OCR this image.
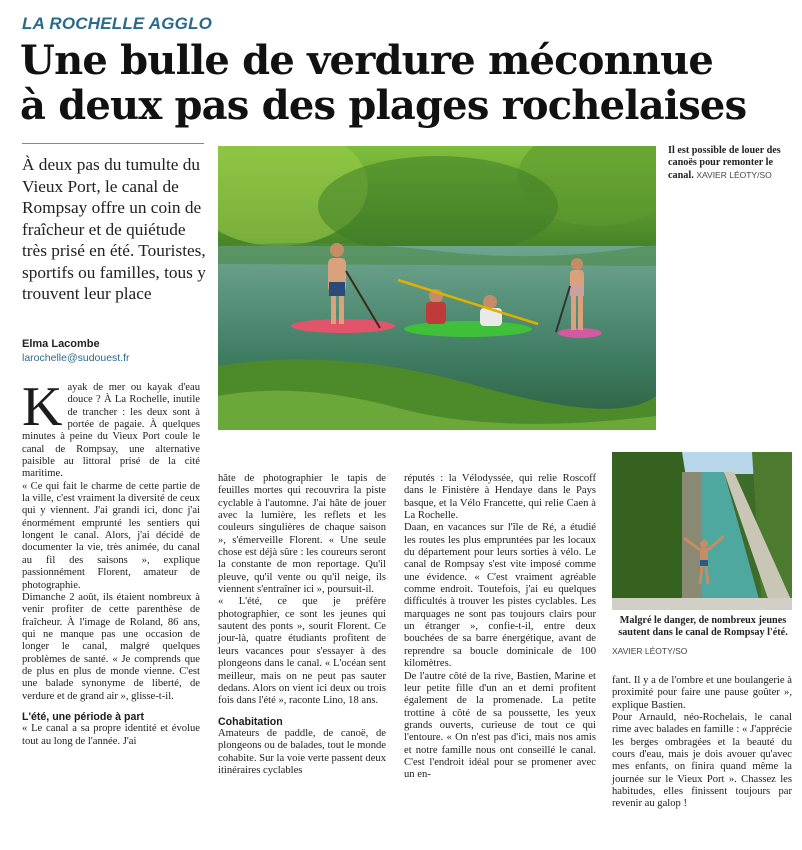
LA ROCHELLE AGGLO
Une bulle de verdure méconnue
à deux pas des plages rochelaises
À deux pas du tumulte du Vieux Port, le canal de Rompsay offre un coin de fraîcheur et de quiétude très prisé en été. Touristes, sportifs ou familles, tous y trouvent leur place
Elma Lacombe
larochelle@sudouest.fr
Il est possible de louer des canoës pour remonter le canal. XAVIER LÉOTY/SO
Malgré le danger, de nombreux jeunes sautent dans le canal de Rompsay l'été.
XAVIER LÉOTY/SO

Kayak de mer ou kayak d'eau douce ? À La Rochelle, inutile de trancher : les deux sont à portée de pagaie. À quelques minutes à peine du Vieux Port coule le canal de Rompsay, une alternative paisible au littoral prisé de la cité maritime.

« Ce qui fait le charme de cette partie de la ville, c'est vraiment la diversité de ceux qui y viennent. J'ai grandi ici, donc j'ai énormément emprunté les sentiers qui longent le canal. Alors, j'ai décidé de documenter la vie, très animée, du canal au fil des saisons », explique passionnément Florent, amateur de photographie.

Dimanche 2 août, ils étaient nombreux à venir profiter de cette parenthèse de fraîcheur. À l'image de Roland, 86 ans, qui ne manque pas une occasion de longer le canal, malgré quelques problèmes de santé. « Je comprends que de plus en plus de monde vienne. C'est une balade synonyme de liberté, de verdure et de grand air », glisse-t-il.

L'été, une période à part

« Le canal a sa propre identité et évolue tout au long de l'année. J'ai

hâte de photographier le tapis de feuilles mortes qui recouvrira la piste cyclable à l'automne. J'ai hâte de jouer avec la lumière, les reflets et les couleurs singulières de chaque saison », s'émerveille Florent. « Une seule chose est déjà sûre : les coureurs seront la constante de mon reportage. Qu'il pleuve, qu'il vente ou qu'il neige, ils viennent s'entraîner ici », poursuit-il.

« L'été, ce que je préfère photographier, ce sont les jeunes qui sautent des ponts », sourit Florent. Ce jour-là, quatre étudiants profitent de leurs vacances pour s'essayer à des plongeons dans le canal. « L'océan sent meilleur, mais on ne peut pas sauter dedans. Alors on vient ici deux ou trois fois dans l'été », raconte Lino, 18 ans.

Cohabitation

Amateurs de paddle, de canoë, de plongeons ou de balades, tout le monde cohabite. Sur la voie verte passent deux itinéraires cyclables

réputés : la Vélodyssée, qui relie Roscoff dans le Finistère à Hendaye dans le Pays basque, et la Vélo Francette, qui relie Caen à La Rochelle.

Daan, en vacances sur l'île de Ré, a étudié les routes les plus empruntées par les locaux du département pour leurs sorties à vélo. Le canal de Rompsay s'est vite imposé comme une évidence. « C'est vraiment agréable comme endroit. Toutefois, j'ai eu quelques difficultés à trouver les pistes cyclables. Les marquages ne sont pas toujours clairs pour un étranger », confie-t-il, entre deux bouchées de sa barre énergétique, avant de reprendre sa boucle dominicale de 100 kilomètres.

De l'autre côté de la rive, Bastien, Marine et leur petite fille d'un an et demi profitent également de la promenade. La petite trottine à côté de sa poussette, les yeux grands ouverts, curieuse de tout ce qui l'entoure. « On n'est pas d'ici, mais nos amis et notre famille nous ont conseillé le canal. C'est l'endroit idéal pour se promener avec un en-

fant. Il y a de l'ombre et une boulangerie à proximité pour faire une pause goûter », explique Bastien.

Pour Arnauld, néo-Rochelais, le canal rime avec balades en famille : « J'apprécie les berges ombragées et la beauté du cours d'eau, mais je dois avouer qu'avec mes enfants, on finira quand même la journée sur le Vieux Port ». Chassez les habitudes, elles finissent toujours par revenir au galop !
